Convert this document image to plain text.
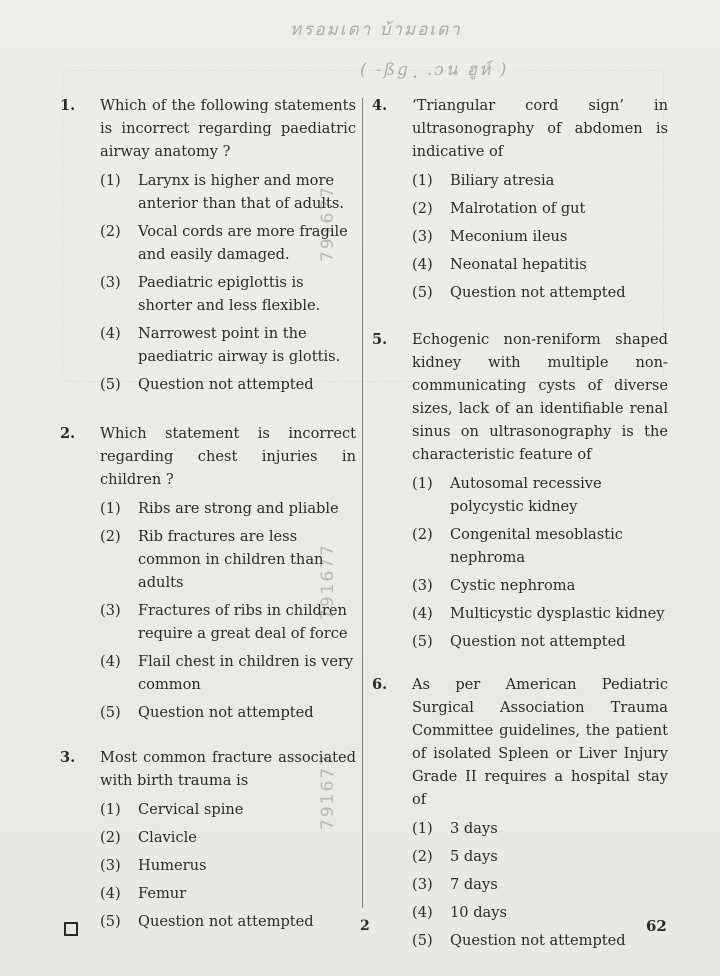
ทรอมเดา บ้ามอเดา
( -ßg ฺ .ɔน ฮูห์ )
791677
791677
791677
1. Which of the following statements is incorrect regarding paediatric airway anatomy ?
(1) Larynx is higher and more anterior than that of adults.
(2) Vocal cords are more fragile and easily damaged.
(3) Paediatric epiglottis is shorter and less flexible.
(4) Narrowest point in the paediatric airway is glottis.
(5) Question not attempted
2. Which statement is incorrect regarding chest injuries in children ?
(1) Ribs are strong and pliable
(2) Rib fractures are less common in children than adults
(3) Fractures of ribs in children require a great deal of force
(4) Flail chest in children is very common
(5) Question not attempted
3. Most common fracture associated with birth trauma is
(1) Cervical spine
(2) Clavicle
(3) Humerus
(4) Femur
(5) Question not attempted
4. ‘Triangular cord sign’ in ultrasonography of abdomen is indicative of
(1) Biliary atresia
(2) Malrotation of gut
(3) Meconium ileus
(4) Neonatal hepatitis
(5) Question not attempted
5. Echogenic non-reniform shaped kidney with multiple non-communicating cysts of diverse sizes, lack of an identifiable renal sinus on ultrasonography is the characteristic feature of
(1) Autosomal recessive polycystic kidney
(2) Congenital mesoblastic nephroma
(3) Cystic nephroma
(4) Multicystic dysplastic kidney
(5) Question not attempted
6. As per American Pediatric Surgical Association Trauma Committee guidelines, the patient of isolated Spleen or Liver Injury Grade II requires a hospital stay of
(1) 3 days
(2) 5 days
(3) 7 days
(4) 10 days
(5) Question not attempted
2	62
